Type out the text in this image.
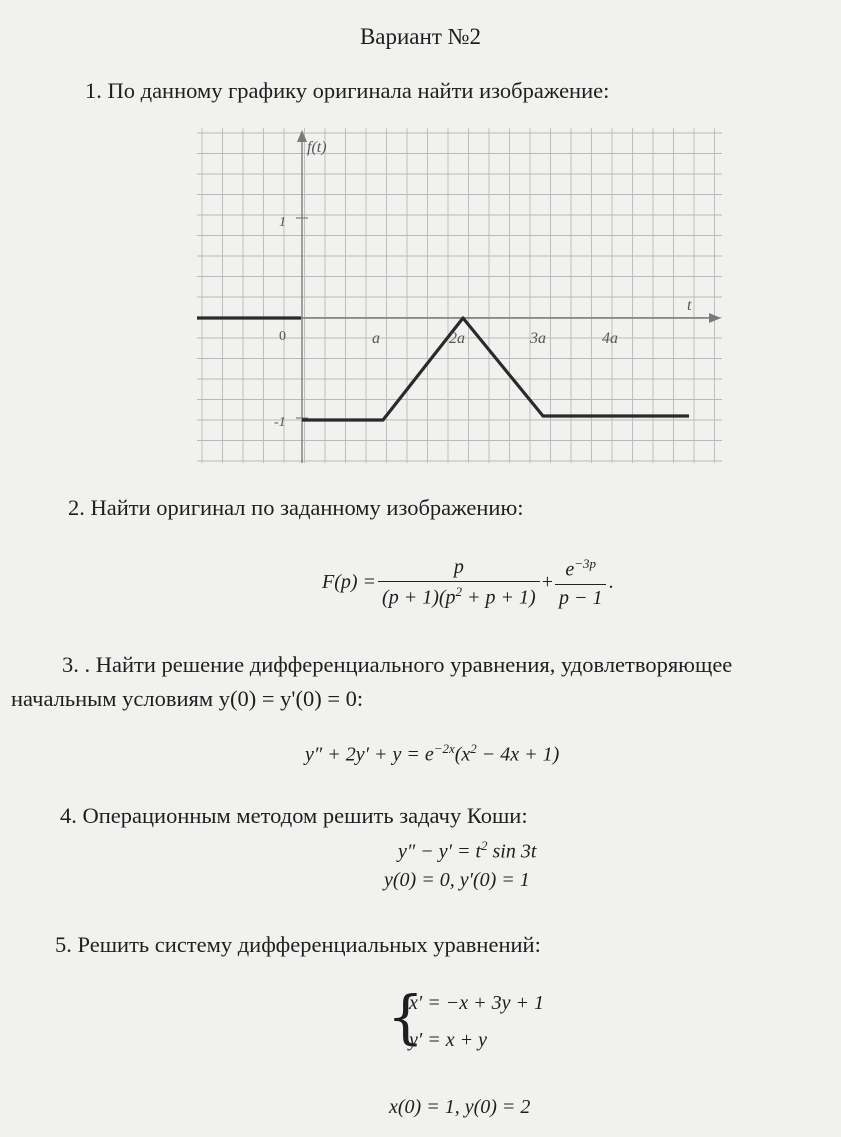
Вариант №2
1. По данному графику оригинала найти изображение:
f(t)
t
1
0
-1
a	2a	3a	4a
2. Найти оригинал по заданному изображению:
$F(p) = \frac{p}{(p + 1)(p^2 + p + 1)} + \frac{e^{-3p}}{p - 1}$ .
3. . Найти решение дифференциального уравнения, удовлетворяющее
начальным условиям y(0) = y'(0) = 0:
$y'' + 2y' + y = e^{-2x}(x^2 - 4x + 1)$
4. Операционным методом решить задачу Коши:
$y'' - y' = t^2$ sin 3t
y(0) = 0, y′(0) = 1
5. Решить систему дифференциальных уравнений:
{
x′ = −x + 3y + 1
y′ = x + y
x(0) = 1, y(0) = 2
